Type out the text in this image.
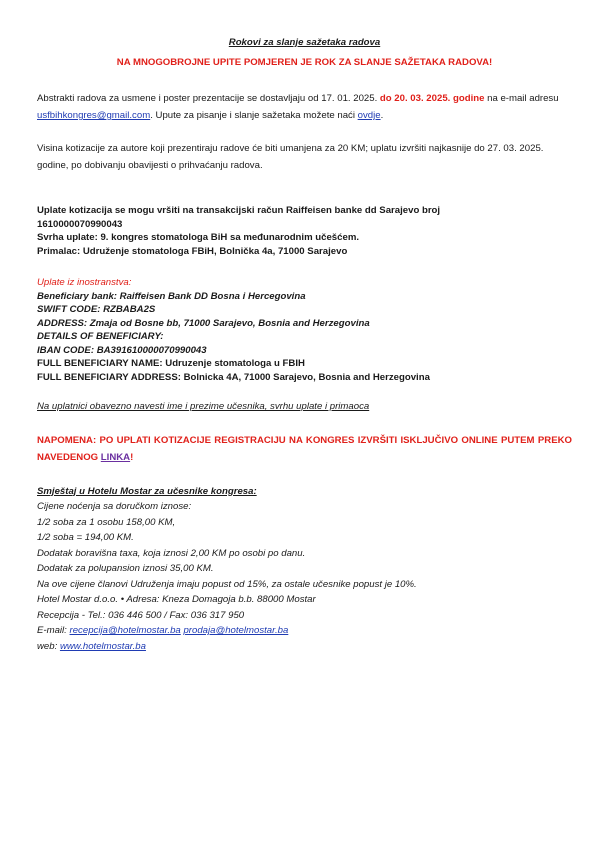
Rokovi za slanje sažetaka radova
NA MNOGOBROJNE UPITE POMJEREN JE ROK ZA SLANJE SAŽETAKA RADOVA!

Abstrakti radova za usmene i poster prezentacije se dostavljaju od 17. 01. 2025. do 20. 03. 2025. godine na e-mail adresu usfbihkongres@gmail.com. Upute za pisanje i slanje sažetaka možete naći ovdje.

Visina kotizacije za autore koji prezentiraju radove će biti umanjena za 20 KM; uplatu izvršiti najkasnije do 27. 03. 2025. godine, po dobivanju obavijesti o prihvaćanju radova.

Uplate kotizacija se mogu vršiti na transakcijski račun Raiffeisen banke dd Sarajevo broj
1610000070990043
Svrha uplate: 9. kongres stomatologa BiH sa međunarodnim učešćem.
Primalac: Udruženje stomatologa FBiH, Bolnička 4a, 71000 Sarajevo
Uplate iz inostranstva:
Beneficiary bank: Raiffeisen Bank DD Bosna i Hercegovina
SWIFT CODE: RZBABA2S
ADDRESS: Zmaja od Bosne bb, 71000 Sarajevo, Bosnia and Herzegovina
DETAILS OF BENEFICIARY:
IBAN CODE: BA391610000070990043
FULL BENEFICIARY NAME: Udruzenje stomatologa u FBIH
FULL BENEFICIARY ADDRESS: Bolnicka 4A, 71000 Sarajevo, Bosnia and Herzegovina
Na uplatnici obavezno navesti ime i prezime učesnika, svrhu uplate i primaoca

NAPOMENA: PO UPLATI KOTIZACIJE REGISTRACIJU NA KONGRES IZVRŠITI ISKLJUČIVO ONLINE PUTEM PREKO NAVEDENOG LINKA!

Smještaj u Hotelu Mostar za učesnike kongresa:
Cijene noćenja sa doručkom iznose:
1/2 soba za 1 osobu 158,00 KM,
1/2 soba = 194,00 KM.
Dodatak boravišna taxa, koja iznosi 2,00 KM po osobi po danu.
Dodatak za polupansion iznosi 35,00 KM.
Na ove cijene članovi Udruženja imaju popust od 15%, za ostale učesnike popust je 10%.
Hotel Mostar d.o.o. • Adresa: Kneza Domagoja b.b. 88000 Mostar
Recepcija - Tel.: 036 446 500 / Fax: 036 317 950
E-mail: recepcija@hotelmostar.ba prodaja@hotelmostar.ba
web: www.hotelmostar.ba
